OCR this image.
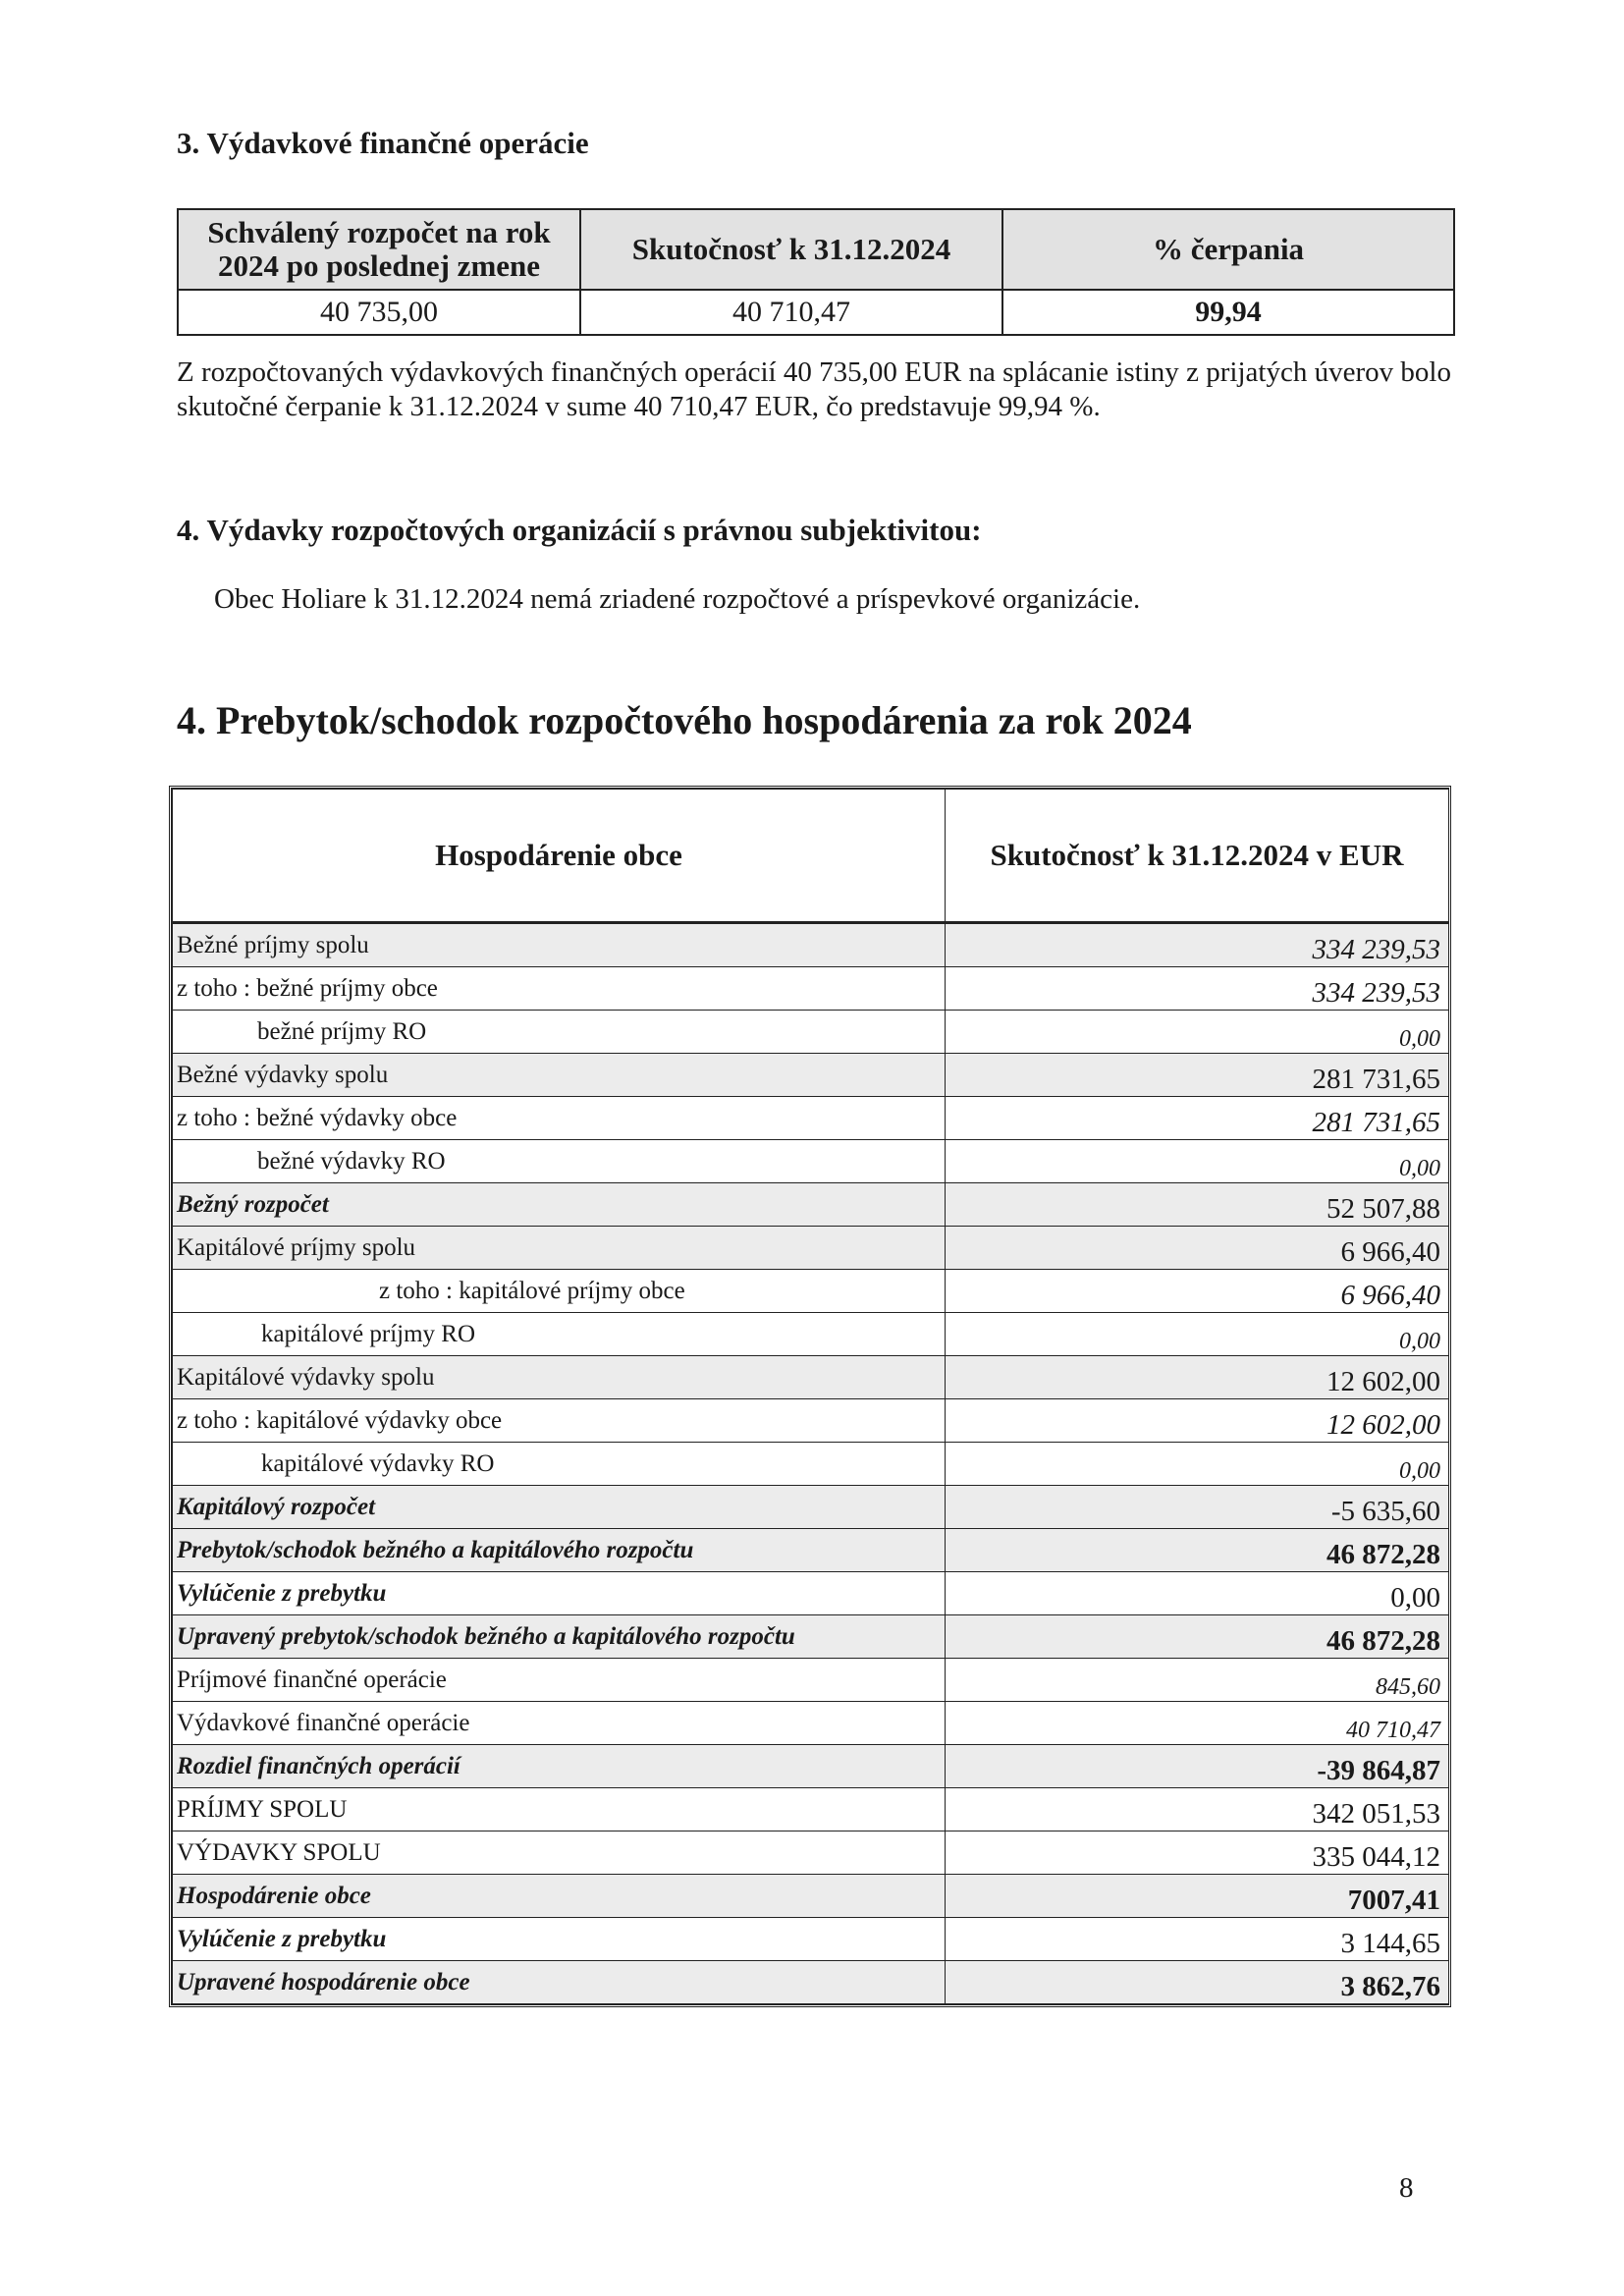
3. Výdavkové finančné operácie
Schválený rozpočet na rok 2024 po poslednej zmene	Skutočnosť k 31.12.2024	% čerpania
40 735,00	40 710,47	99,94

Z rozpočtovaných výdavkových finančných operácií 40 735,00 EUR na splácanie istiny z prijatých úverov bolo skutočné čerpanie k 31.12.2024 v sume 40 710,47 EUR, čo predstavuje 99,94 %.

4. Výdavky rozpočtových organizácií s právnou subjektivitou:
Obec Holiare k 31.12.2024 nemá zriadené rozpočtové a príspevkové organizácie.
4. Prebytok/schodok rozpočtového hospodárenia za rok 2024
Hospodárenie obce	Skutočnosť k 31.12.2024 v EUR
Bežné príjmy spolu	334 239,53
z toho : bežné príjmy obce	334 239,53
bežné príjmy RO	0,00
Bežné výdavky spolu	281 731,65
z toho : bežné výdavky obce	281 731,65
bežné výdavky RO	0,00
Bežný rozpočet	52 507,88
Kapitálové príjmy spolu	6 966,40
z toho : kapitálové príjmy obce	6 966,40
kapitálové príjmy RO	0,00
Kapitálové výdavky spolu	12 602,00
z toho : kapitálové výdavky obce	12 602,00
kapitálové výdavky RO	0,00
Kapitálový rozpočet	-5 635,60
Prebytok/schodok bežného a kapitálového rozpočtu	46 872,28
Vylúčenie z prebytku	0,00
Upravený prebytok/schodok bežného a kapitálového rozpočtu	46 872,28
Príjmové finančné operácie	845,60
Výdavkové finančné operácie	40 710,47
Rozdiel finančných operácií	-39 864,87
PRÍJMY SPOLU	342 051,53
VÝDAVKY SPOLU	335 044,12
Hospodárenie obce	7007,41
Vylúčenie z prebytku	3 144,65
Upravené hospodárenie obce	3 862,76
8
